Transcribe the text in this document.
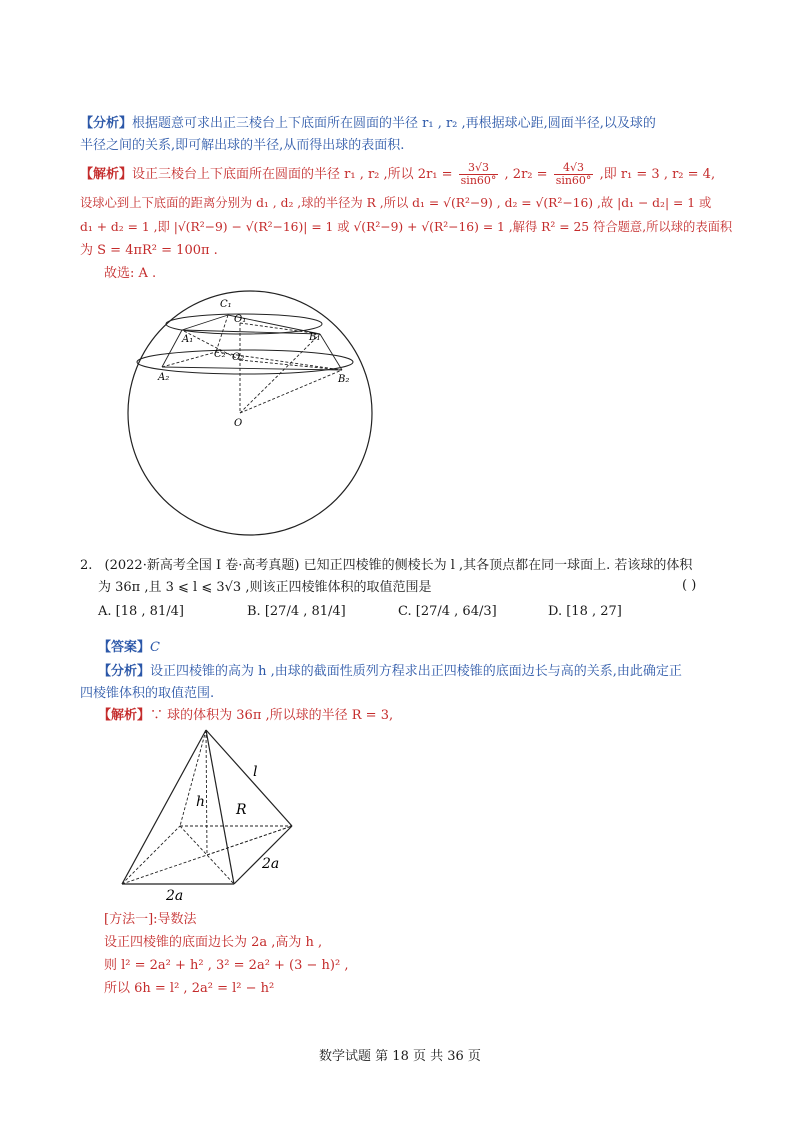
【分析】根据题意可求出正三棱台上下底面所在圆面的半径 r₁ , r₂ ,再根据球心距,圆面半径,以及球的
半径之间的关系,即可解出球的半径,从而得出球的表面积.
【解析】设正三棱台上下底面所在圆面的半径 r₁ , r₂ ,所以 $2r_1 = \frac{3√3}{\sin 60^\circ}$ , $2r_2 = \frac{4√3}{\sin 60^\circ}$ ,即 r₁ = 3 , r₂ = 4,
设球心到上下底面的距离分别为 d₁ , d₂ ,球的半径为 R ,所以 d₁ = √(R²−9) , d₂ = √(R²−16) ,故 |d₁ − d₂| = 1 或
d₁ + d₂ = 1 ,即 |√(R²−9) − √(R²−16)| = 1 或 √(R²−9) + √(R²−16) = 1 ,解得 R² = 25 符合题意,所以球的表面积
为 S = 4πR² = 100π .
故选: A .
C₁
O₁
A₁	B₁
C₂ O₂
A₂	B₂
O
2. (2022·新高考全国 Ⅰ 卷·高考真题) 已知正四棱锥的侧棱长为 l ,其各顶点都在同一球面上. 若该球的体积
为 36π ,且 3 ⩽ l ⩽ 3√3 ,则该正四棱锥体积的取值范围是	( )
A. [18 , 81/4]	B. [27/4 , 81/4]	C. [27/4 , 64/3]	D. [18 , 27]
【答案】C
【分析】设正四棱锥的高为 h ,由球的截面性质列方程求出正四棱锥的底面边长与高的关系,由此确定正
四棱锥体积的取值范围.
【解析】∵ 球的体积为 36π ,所以球的半径 R = 3,
l
h R
2a
2a
[方法一]:导数法
设正四棱锥的底面边长为 2a ,高为 h ,
则 l² = 2a² + h² , 3² = 2a² + (3 − h)² ,
所以 6h = l² , 2a² = l² − h²
数学试题 第 18 页 共 36 页
